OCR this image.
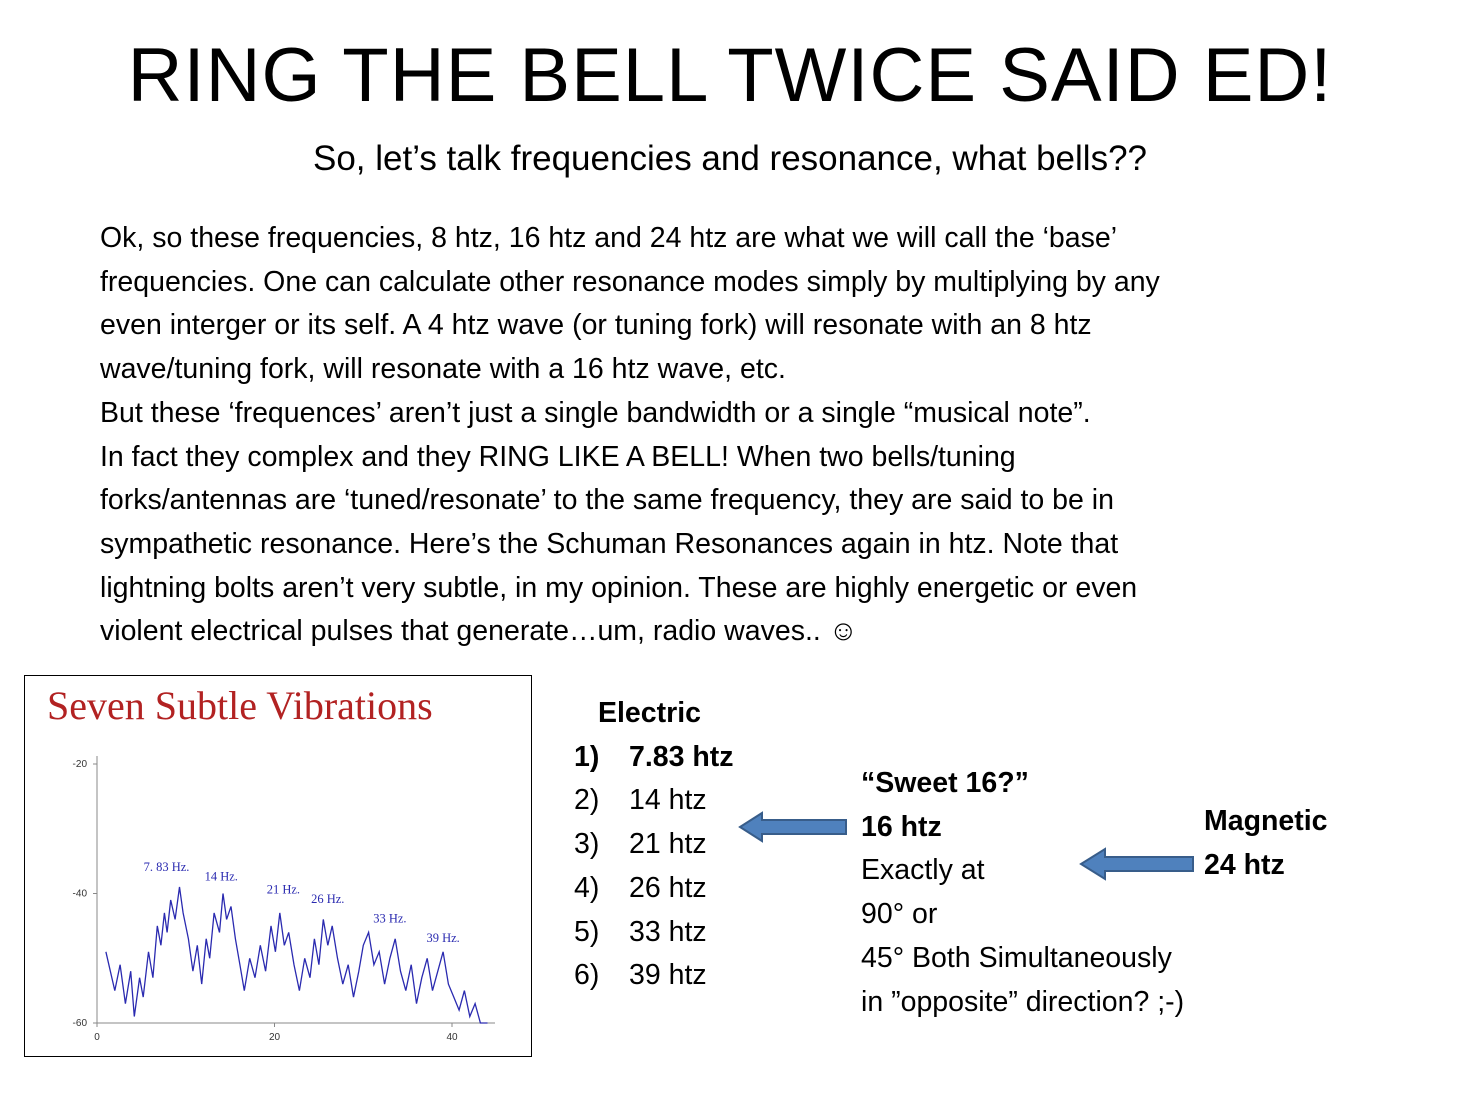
RING THE BELL TWICE SAID ED!
So, let’s talk frequencies and resonance, what bells??
Ok, so these frequencies, 8 htz, 16 htz and 24 htz are what we will call the ‘base’
frequencies. One can calculate other resonance modes simply by multiplying by any
even interger or its self. A 4 htz wave (or tuning fork) will resonate with an 8 htz
wave/tuning fork, will resonate with a 16 htz wave, etc.
But these ‘frequences’ aren’t just a single bandwidth or a single “musical note”.
In fact they complex and they RING LIKE A BELL! When two bells/tuning
forks/antennas are ‘tuned/resonate’ to the same frequency, they are said to be in
sympathetic resonance. Here’s the Schuman Resonances again in htz. Note that
lightning bolts aren’t very subtle, in my opinion. These are highly energetic or even
violent electrical pulses that generate…um, radio waves.. ☺
-20
-40
-60
0	20	40
7. 83 Hz.
14 Hz.
21 Hz.
26 Hz.
33 Hz.
39 Hz.
Seven Subtle Vibrations	Electric
1) 7.83 htz
2) 14 htz
3) 21 htz
4) 26 htz
5) 33 htz
6) 39 htz
“Sweet 16?”
16 htz
Exactly at
90° or
45° Both Simultaneously
in ”opposite” direction? ;-)
Magnetic
24 htz
